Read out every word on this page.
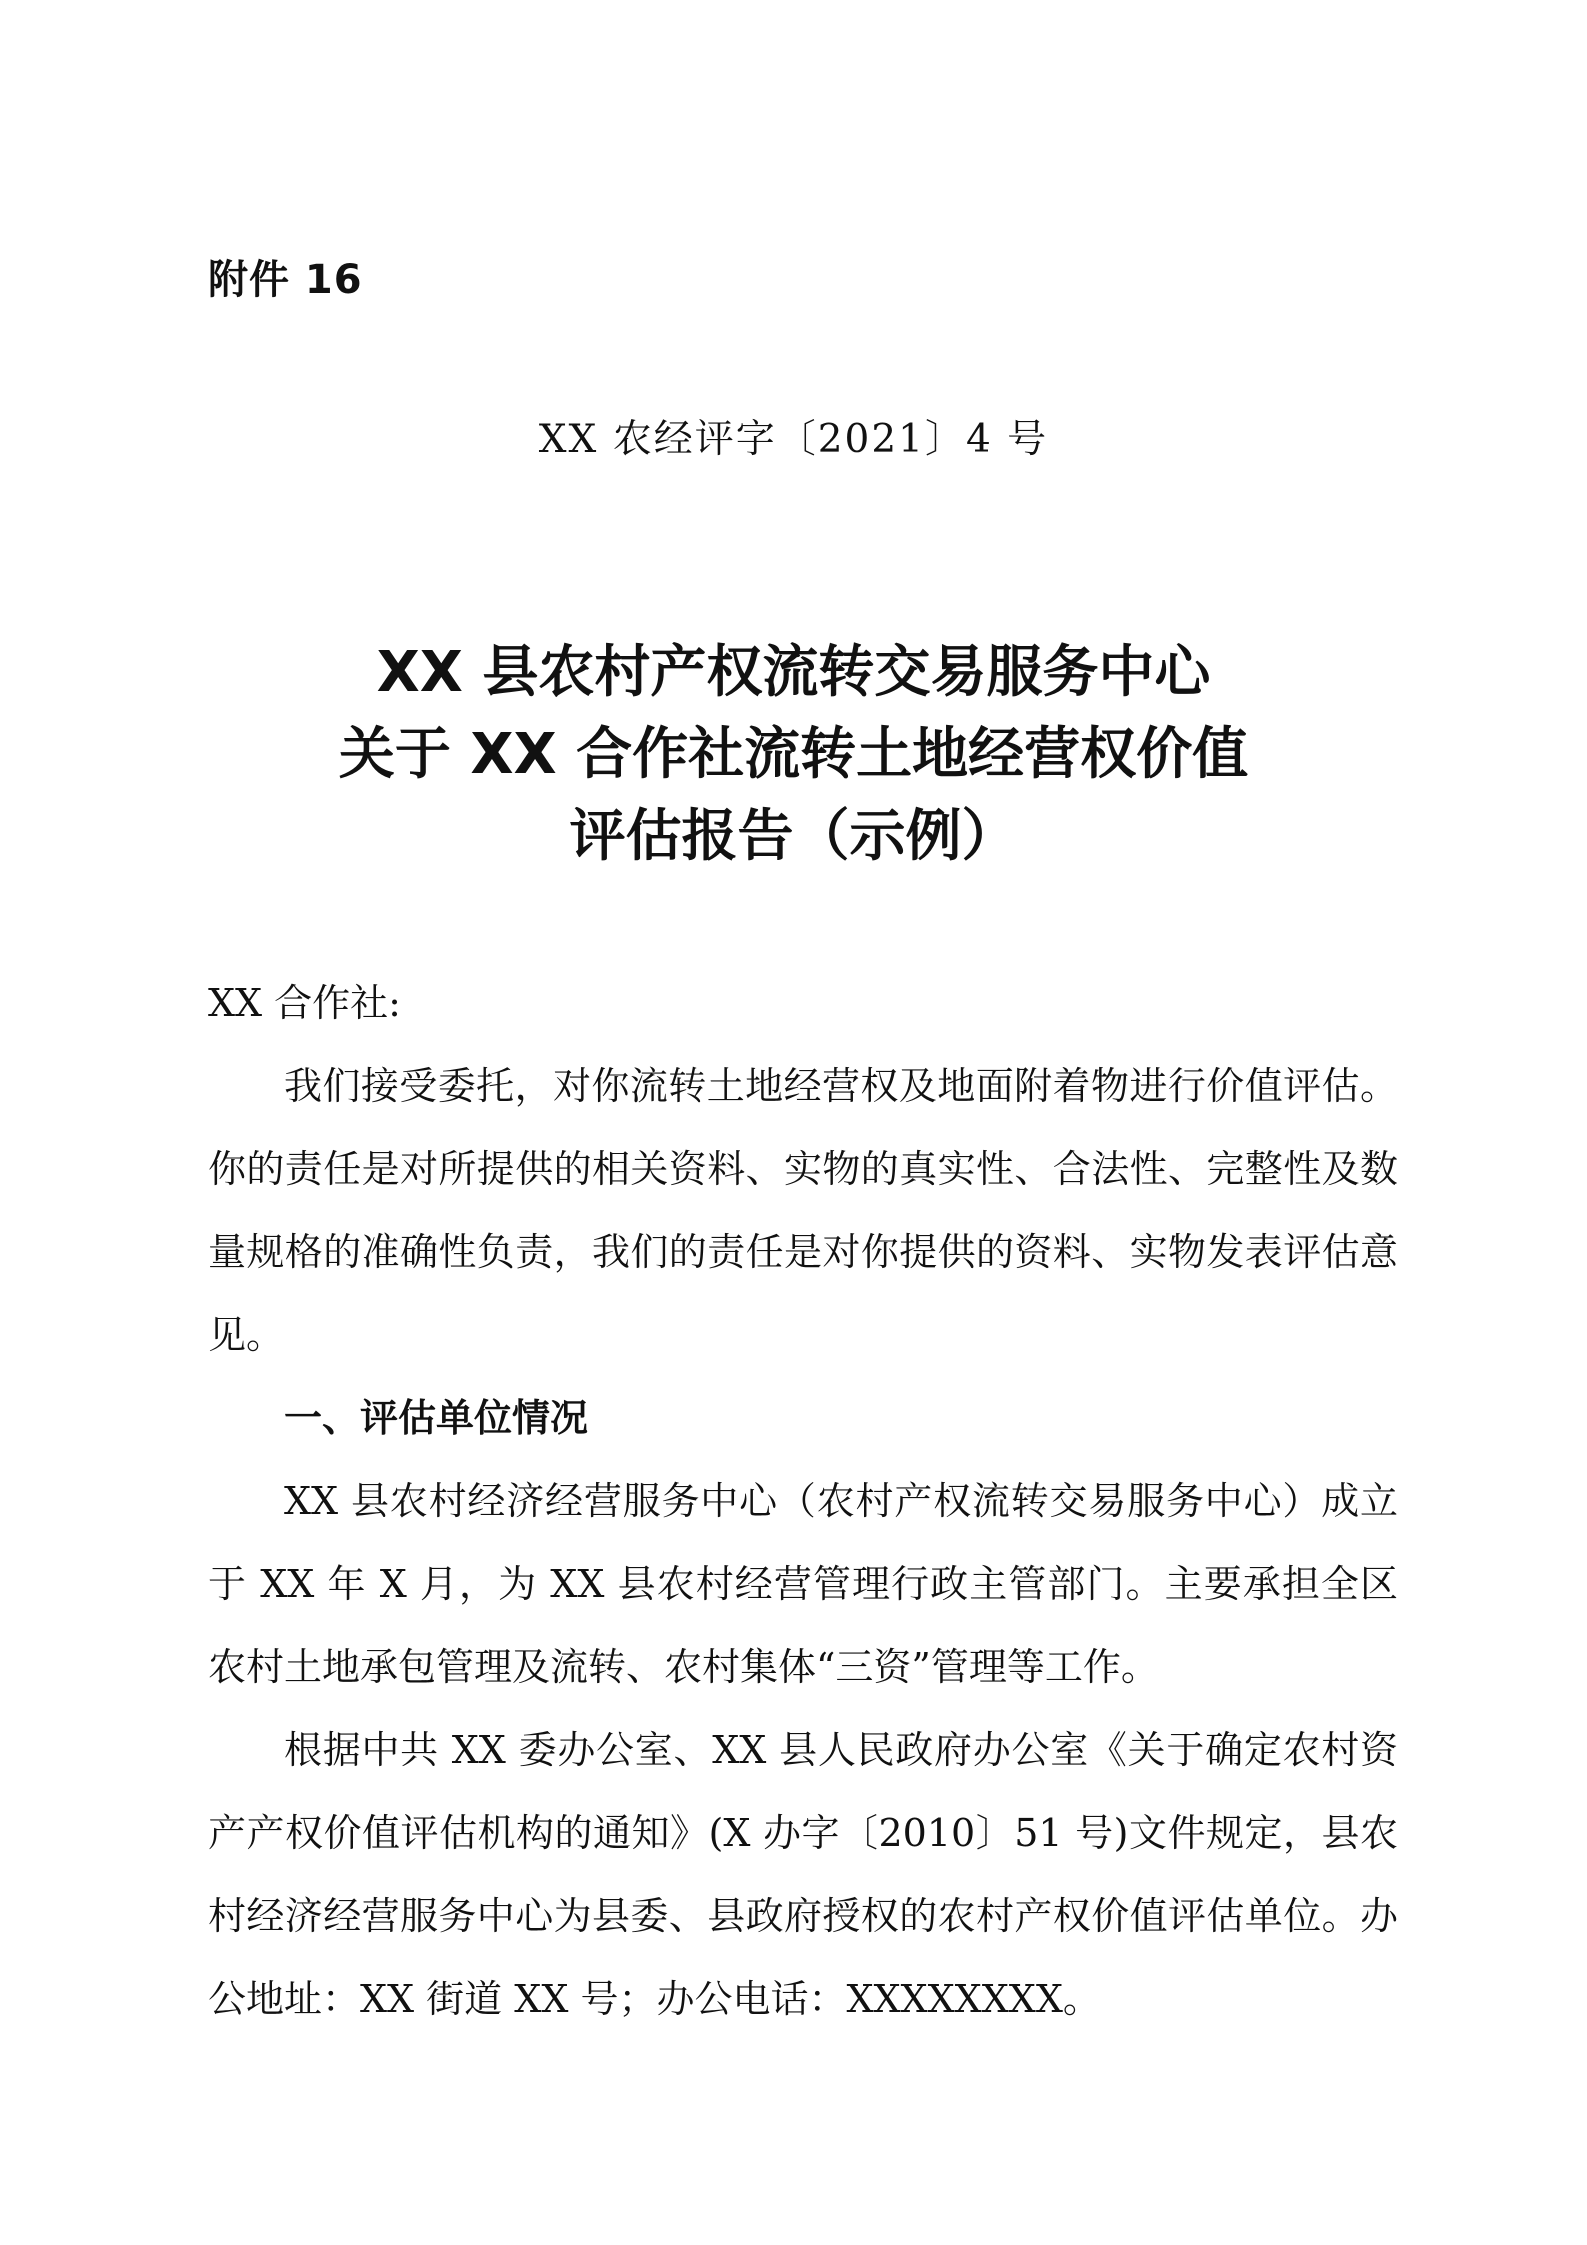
附件 16
XX 农经评字〔2021〕4 号
XX 县农村产权流转交易服务中心
关于 XX 合作社流转土地经营权价值
评估报告（示例）

XX 合作社:

我们接受委托，对你流转土地经营权及地面附着物进行价值评估。你的责任是对所提供的相关资料、实物的真实性、合法性、完整性及数量规格的准确性负责，我们的责任是对你提供的资料、实物发表评估意见。

一、评估单位情况

XX 县农村经济经营服务中心（农村产权流转交易服务中心）成立于 XX 年 X 月，为 XX 县农村经营管理行政主管部门。主要承担全区农村土地承包管理及流转、农村集体“三资”管理等工作。

根据中共 XX 委办公室、XX 县人民政府办公室《关于确定农村资产产权价值评估机构的通知》(X 办字〔2010〕51 号)文件规定，县农村经济经营服务中心为县委、县政府授权的农村产权价值评估单位。办公地址：XX 街道 XX 号；办公电话：XXXXXXXX。
